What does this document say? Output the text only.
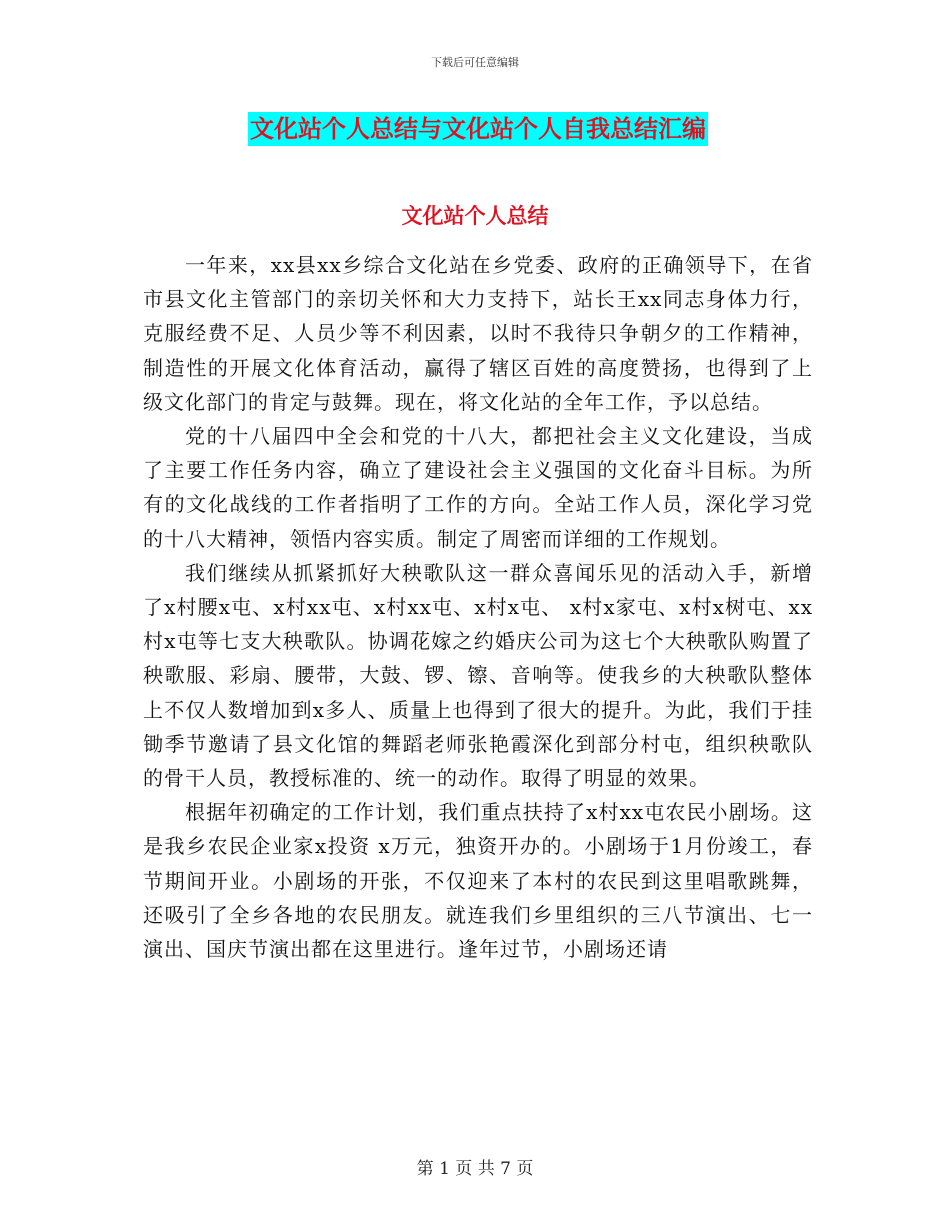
下载后可任意编辑
文化站个人总结与文化站个人自我总结汇编
文化站个人总结

一年来，xx县xx乡综合文化站在乡党委、政府的正确领导下，在省市县文化主管部门的亲切关怀和大力支持下，站长王xx同志身体力行，克服经费不足、人员少等不利因素，以时不我待只争朝夕的工作精神，制造性的开展文化体育活动，赢得了辖区百姓的高度赞扬，也得到了上级文化部门的肯定与鼓舞。现在，将文化站的全年工作，予以总结。

党的十八届四中全会和党的十八大，都把社会主义文化建设，当成了主要工作任务内容，确立了建设社会主义强国的文化奋斗目标。为所有的文化战线的工作者指明了工作的方向。全站工作人员，深化学习党的十八大精神，领悟内容实质。制定了周密而详细的工作规划。

我们继续从抓紧抓好大秧歌队这一群众喜闻乐见的活动入手，新增了x村腰x屯、x村xx屯、x村xx屯、x村x屯、 x村x家屯、x村x树屯、xx村x屯等七支大秧歌队。协调花嫁之约婚庆公司为这七个大秧歌队购置了秧歌服、彩扇、腰带，大鼓、锣、镲、音响等。使我乡的大秧歌队整体上不仅人数增加到x多人、质量上也得到了很大的提升。为此，我们于挂锄季节邀请了县文化馆的舞蹈老师张艳霞深化到部分村屯，组织秧歌队的骨干人员，教授标准的、统一的动作。取得了明显的效果。

根据年初确定的工作计划，我们重点扶持了x村xx屯农民小剧场。这是我乡农民企业家x投资 x万元，独资开办的。小剧场于1月份竣工，春节期间开业。小剧场的开张，不仅迎来了本村的农民到这里唱歌跳舞，还吸引了全乡各地的农民朋友。就连我们乡里组织的三八节演出、七一演出、国庆节演出都在这里进行。逢年过节，小剧场还请

第 1 页 共 7 页
